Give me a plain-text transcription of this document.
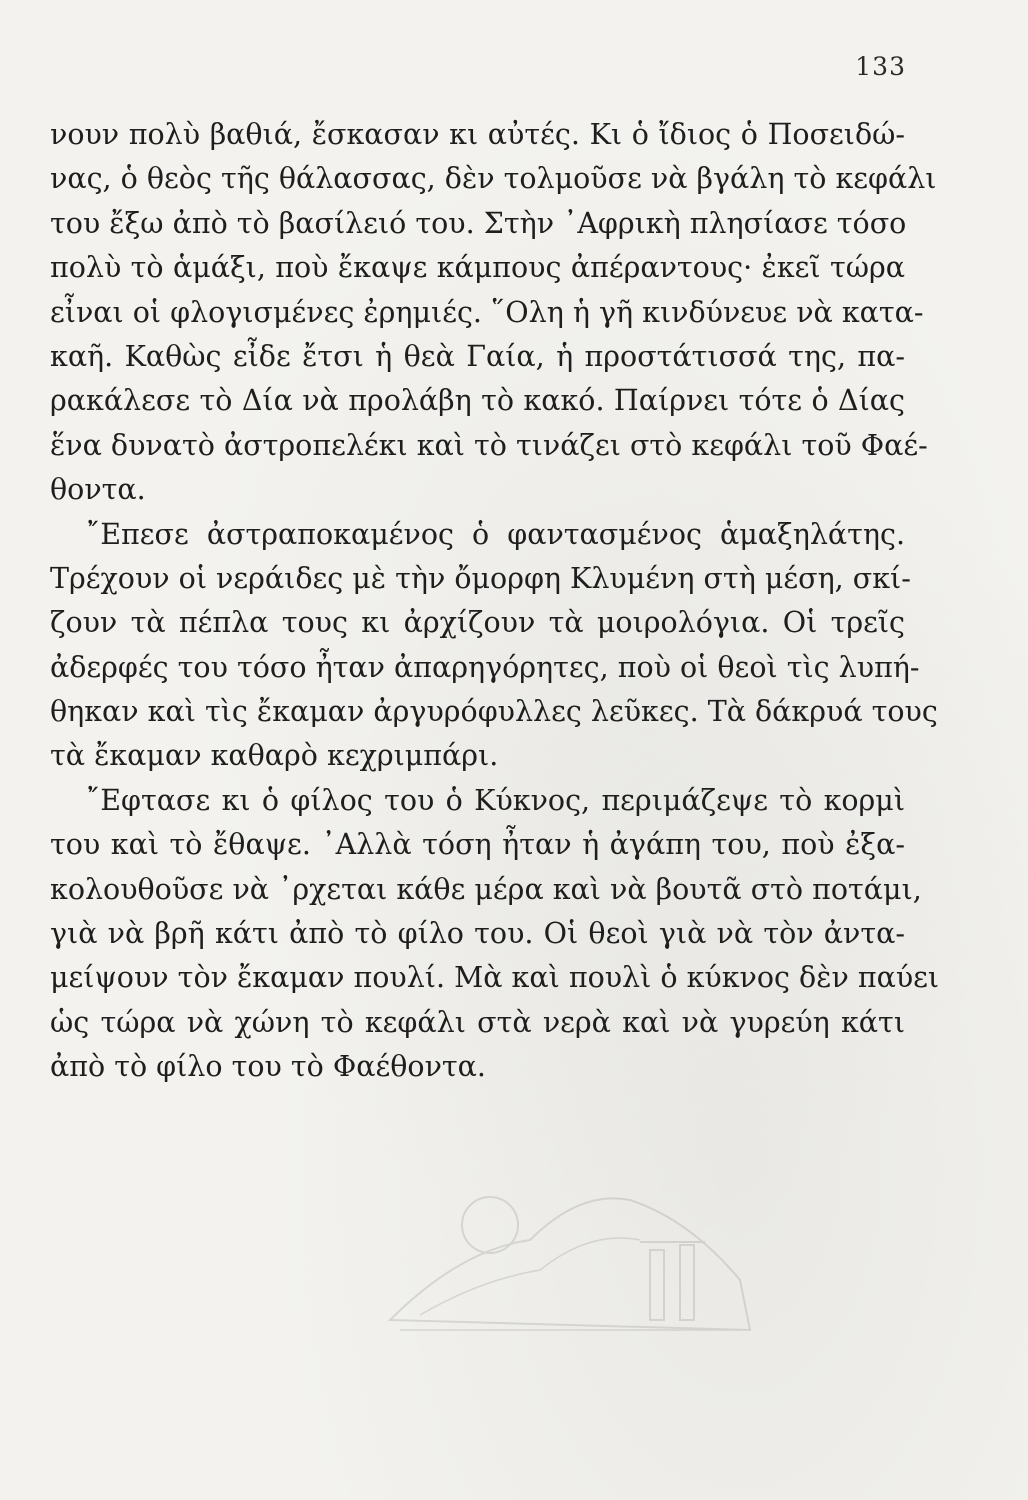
133
νουν πολὺ βαθιά, ἔσκασαν κι αὐτές. Κι ὁ ἴδιος ὁ Ποσειδώ-
νας, ὁ θεὸς τῆς θάλασσας, δὲν τολμοῦσε νὰ βγάλη τὸ κεφάλι
του ἔξω ἀπὸ τὸ βασίλειό του. Στὴν ᾿Αφρικὴ πλησίασε τόσο
πολὺ τὸ ἁμάξι, ποὺ ἔκαψε κάμπους ἀπέραντους· ἐκεῖ τώρα
εἶναι οἱ φλογισμένες ἐρημιές. ῞Ολη ἡ γῆ κινδύνευε νὰ κατα-
καῆ. Καθὼς εἶδε ἔτσι ἡ θεὰ Γαία, ἡ προστάτισσά της, πα-
ρακάλεσε τὸ Δία νὰ προλάβη τὸ κακό. Παίρνει τότε ὁ Δίας
ἕνα δυνατὸ ἀστροπελέκι καὶ τὸ τινάζει στὸ κεφάλι τοῦ Φαέ-
θοντα.
῎Επεσε ἀστραποκαμένος ὁ φαντασμένος ἁμαξηλάτης.
Τρέχουν οἱ νεράιδες μὲ τὴν ὄμορφη Κλυμένη στὴ μέση, σκί-
ζουν τὰ πέπλα τους κι ἀρχίζουν τὰ μοιρολόγια. Οἱ τρεῖς
ἀδερφές του τόσο ἦταν ἀπαρηγόρητες, ποὺ οἱ θεοὶ τὶς λυπή-
θηκαν καὶ τὶς ἔκαμαν ἀργυρόφυλλες λεῦκες. Τὰ δάκρυά τους
τὰ ἔκαμαν καθαρὸ κεχριμπάρι.
῎Εφτασε κι ὁ φίλος του ὁ Κύκνος, περιμάζεψε τὸ κορμὶ
του καὶ τὸ ἔθαψε. ᾿Αλλὰ τόση ἦταν ἡ ἀγάπη του, ποὺ ἐξα-
κολουθοῦσε νὰ ᾿ρχεται κάθε μέρα καὶ νὰ βουτᾶ στὸ ποτάμι,
γιὰ νὰ βρῆ κάτι ἀπὸ τὸ φίλο του. Οἱ θεοὶ γιὰ νὰ τὸν ἀντα-
μείψουν τὸν ἔκαμαν πουλί. Μὰ καὶ πουλὶ ὁ κύκνος δὲν παύει
ὡς τώρα νὰ χώνη τὸ κεφάλι στὰ νερὰ καὶ νὰ γυρεύη κάτι
ἀπὸ τὸ φίλο του τὸ Φαέθοντα.
